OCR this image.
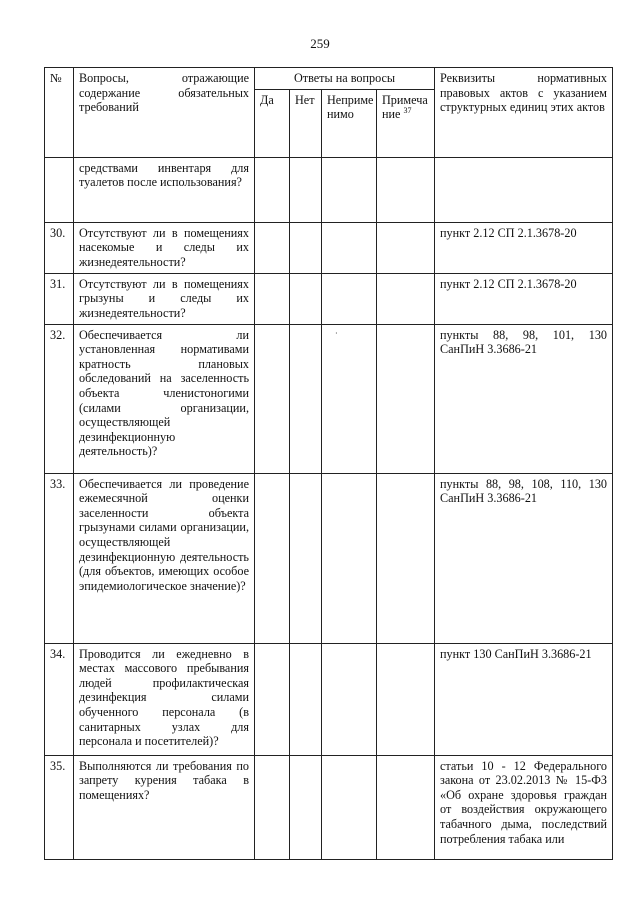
259
№	Вопросы, отражающие содержание обязательных требований	Ответы на вопросы				Реквизиты нормативных правовых актов с указанием структурных единиц этих актов
		Да	Нет	Неприме нимо	Примеча ние $^{37}$
	средствами инвентаря для туалетов после использования?					
30.	Отсутствуют ли в помещениях насекомые и следы их жизнедеятельности?					пункт 2.12 СП 2.1.3678-20
31.	Отсутствуют ли в помещениях грызуны и следы их жизнедеятельности?					пункт 2.12 СП 2.1.3678-20
32.	Обеспечивается ли установленная нормативами кратность плановых обследований на заселенность объекта членистоногими (силами организации, осуществляющей дезинфекционную деятельность)?			·		пункты 88, 98, 101, 130 СанПиН 3.3686-21
33.	Обеспечивается ли проведение ежемесячной оценки заселенности объекта грызунами силами организации, осуществляющей дезинфекционную деятельность (для объектов, имеющих особое эпидемиологическое значение)?					пункты 88, 98, 108, 110, 130 СанПиН 3.3686-21
34.	Проводится ли ежедневно в местах массового пребывания людей профилактическая дезинфекция силами обученного персонала (в санитарных узлах для персонала и посетителей)?					пункт 130 СанПиН 3.3686-21
35.	Выполняются ли требования по запрету курения табака в помещениях?					статьи 10 - 12 Федерального закона от 23.02.2013 № 15-ФЗ «Об охране здоровья граждан от воздействия окружающего табачного дыма, последствий потребления табака или
